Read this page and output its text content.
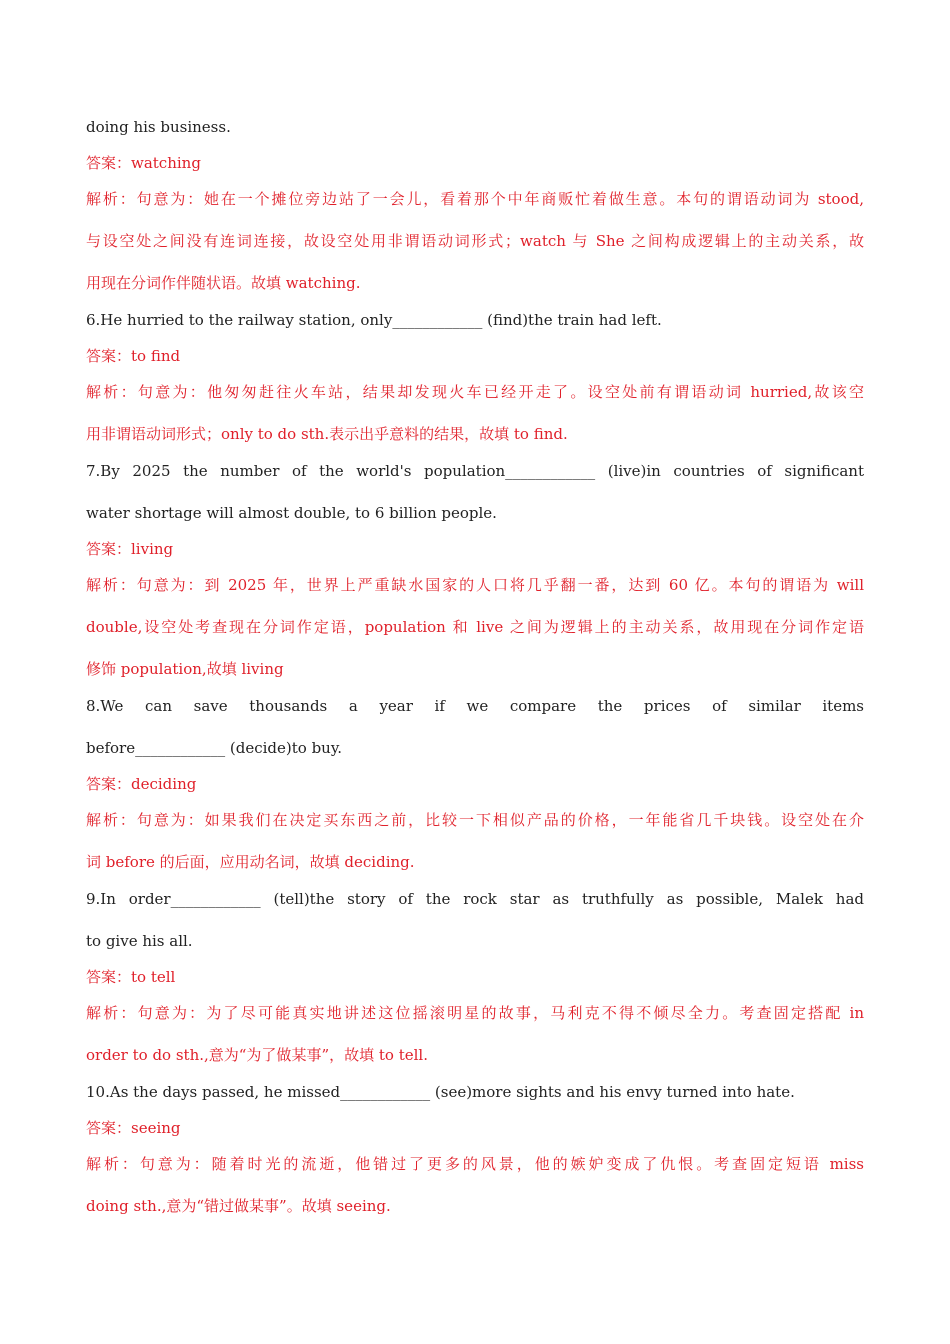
doing his business.
答案：watching
解析：句意为：她在一个摊位旁边站了一会儿，看着那个中年商贩忙着做生意。本句的谓语动词为 stood,
与设空处之间没有连词连接，故设空处用非谓语动词形式；watch 与 She 之间构成逻辑上的主动关系，故
用现在分词作伴随状语。故填 watching.
6.He hurried to the railway station, only____________ (find)the train had left.
答案：to find
解析：句意为：他匆匆赶往火车站，结果却发现火车已经开走了。设空处前有谓语动词 hurried,故该空
用非谓语动词形式；only to do sth.表示出乎意料的结果，故填 to find.
7.By 2025 the number of the world's population____________ (live)in countries of significant
water shortage will almost double, to 6 billion people.
答案：living
解析：句意为：到 2025 年，世界上严重缺水国家的人口将几乎翻一番，达到 60 亿。本句的谓语为 will
double,设空处考查现在分词作定语，population 和 live 之间为逻辑上的主动关系，故用现在分词作定语
修饰 population,故填 living
8.We can save thousands a year if we compare the prices of similar items
before____________ (decide)to buy.
答案：deciding
解析：句意为：如果我们在决定买东西之前，比较一下相似产品的价格，一年能省几千块钱。设空处在介
词 before 的后面，应用动名词，故填 deciding.
9.In order____________ (tell)the story of the rock star as truthfully as possible, Malek had
to give his all.
答案：to tell
解析：句意为：为了尽可能真实地讲述这位摇滚明星的故事，马利克不得不倾尽全力。考查固定搭配 in
order to do sth.,意为“为了做某事”，故填 to tell.
10.As the days passed, he missed____________ (see)more sights and his envy turned into hate.
答案：seeing
解析：句意为：随着时光的流逝，他错过了更多的风景，他的嫉妒变成了仇恨。考查固定短语 miss
doing sth.,意为“错过做某事”。故填 seeing.
